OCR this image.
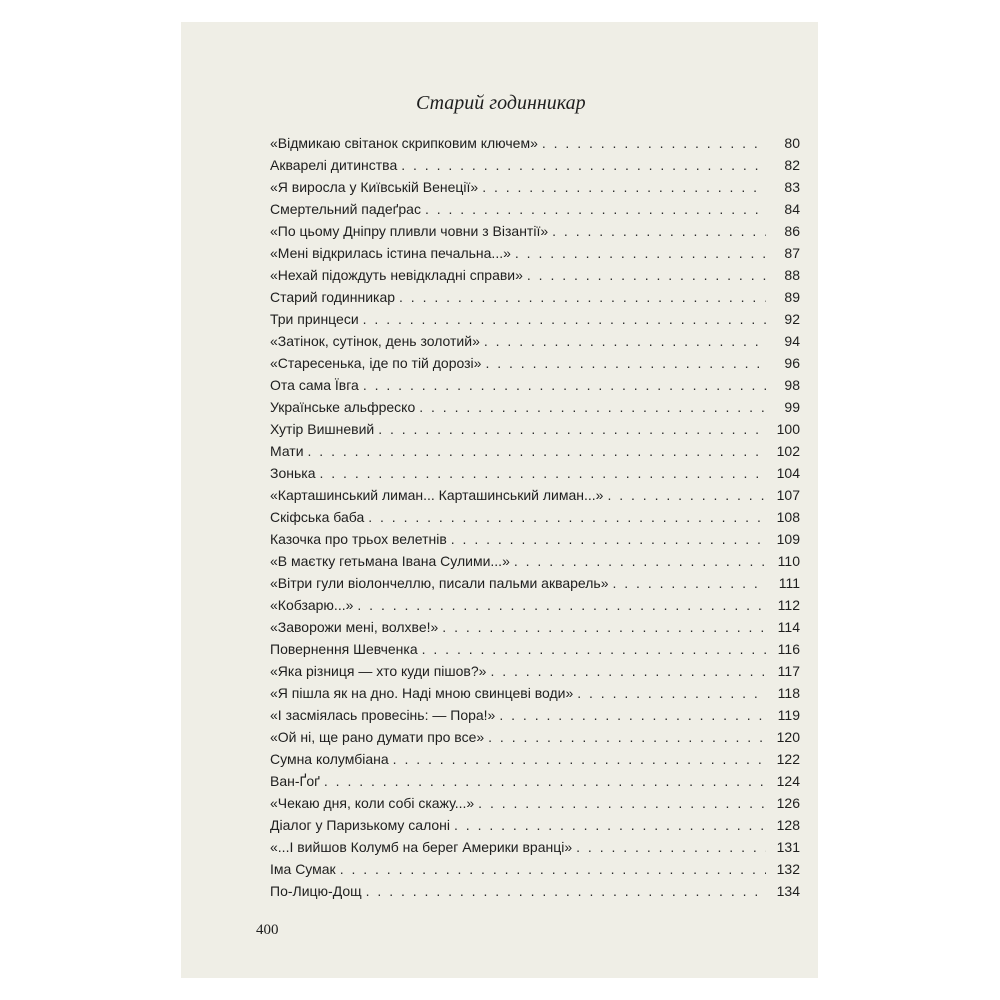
Старий годинникар
«Відмикаю світанок скрипковим ключем» . . .	80
Акварелі дитинства . . .	82
«Я виросла у Київській Венеції» . . .	83
Смертельний падеґрас . . .	84
«По цьому Дніпру пливли човни з Візантії» . . .	86
«Мені відкрилась істина печальна...» . . .	87
«Нехай підождуть невідкладні справи» . . .	88
Старий годинникар . . .	89
Три принцеси . . .	92
«Затінок, сутінок, день золотий» . . .	94
«Старесенька, іде по тій дорозі» . . .	96
Ота сама Ївга . . .	98
Українське альфреско . . .	99
Хутір Вишневий . . .	100
Мати . . .	102
Зонька . . .	104
«Карташинський лиман... Карташинський лиман...» . . .	107
Скіфська баба . . .	108
Казочка про трьох велетнів . . .	109
«В маєтку гетьмана Івана Сулими...» . . .	110
«Вітри гули віолончеллю, писали пальми акварель» . . .	111
«Кобзарю...» . . .	112
«Заворожи мені, волхве!» . . .	114
Повернення Шевченка . . .	116
«Яка різниця — хто куди пішов?» . . .	117
«Я пішла як на дно. Наді мною свинцеві води» . . .	118
«І засміялась провесінь: — Пора!» . . .	119
«Ой ні, ще рано думати про все» . . .	120
Сумна колумбіана . . .	122
Ван-Ґоґ . . .	124
«Чекаю дня, коли собі скажу...» . . .	126
Діалог у Паризькому салоні . . .	128
«...І вийшов Колумб на берег Америки вранці» . . .	131
Іма Сумак . . .	132
По-Лицю-Дощ . . .	134
400
